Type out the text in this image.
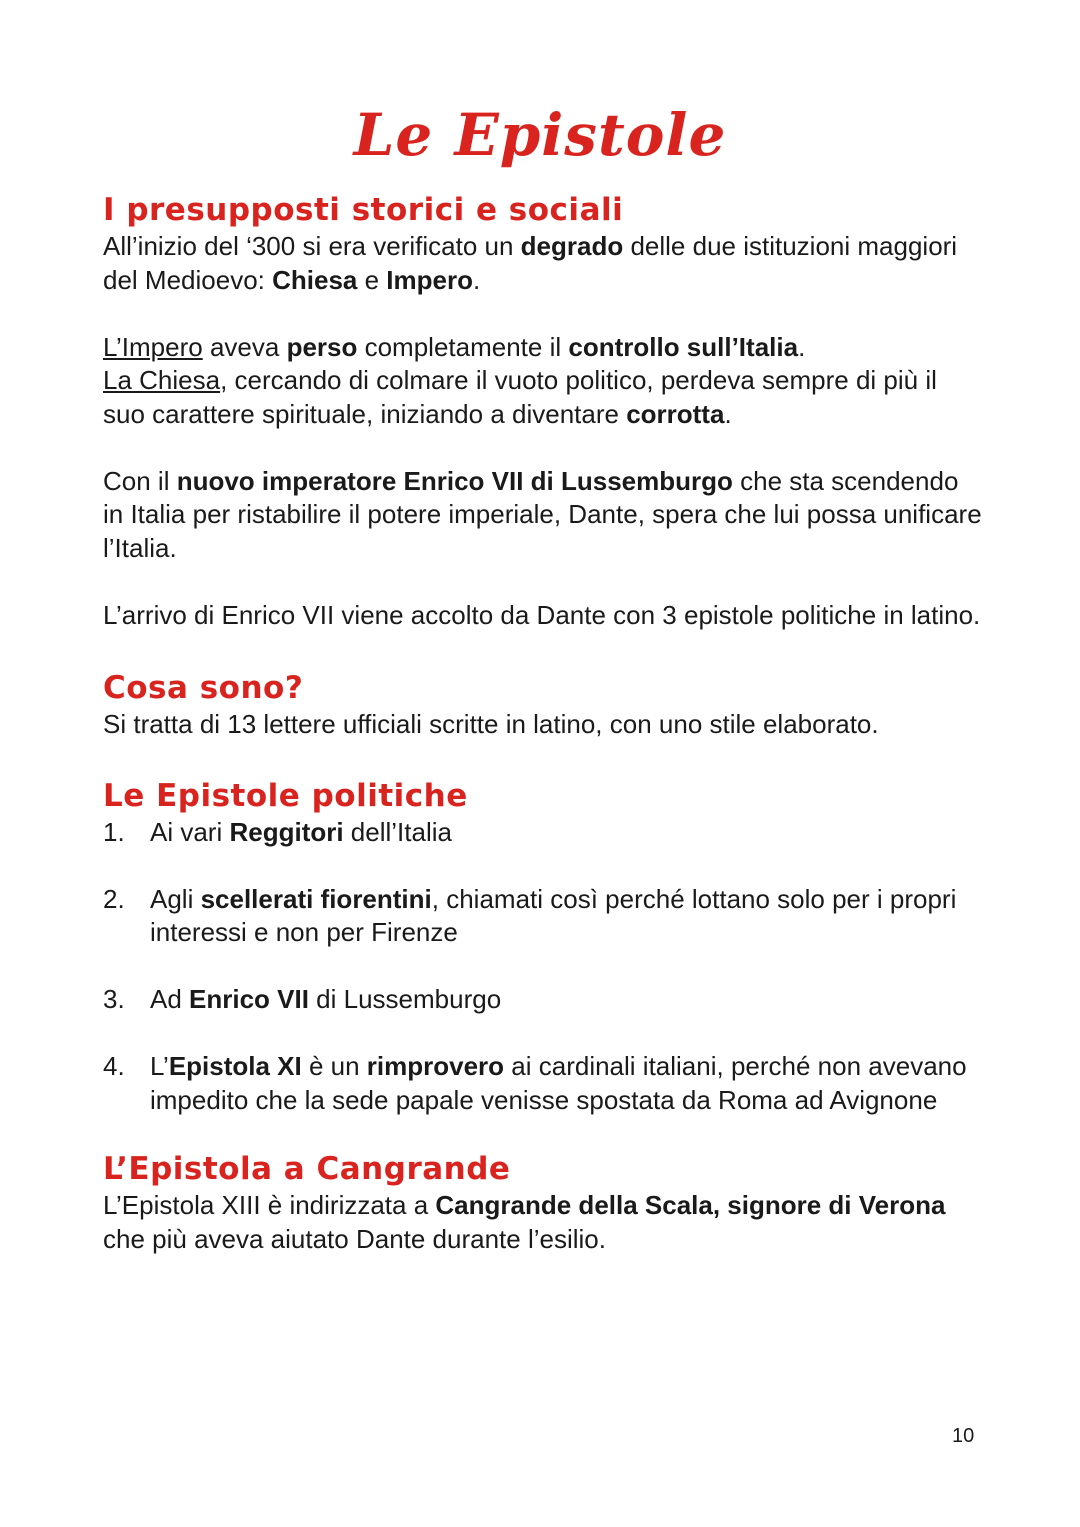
Le Epistole
I presupposti storici e sociali

All’inizio del ‘300 si era verificato un degrado delle due istituzioni maggiori del Medioevo: Chiesa e Impero.

L’Impero aveva perso completamente il controllo sull’Italia.
La Chiesa, cercando di colmare il vuoto politico, perdeva sempre di più il suo carattere spirituale, iniziando a diventare corrotta.

Con il nuovo imperatore Enrico VII di Lussemburgo che sta scendendo in Italia per ristabilire il potere imperiale, Dante, spera che lui possa unificare l’Italia.

L’arrivo di Enrico VII viene accolto da Dante con 3 epistole politiche in latino.

Cosa sono?

Si tratta di 13 lettere ufficiali scritte in latino, con uno stile elaborato.

Le Epistole politiche
1. Ai vari Reggitori dell’Italia
2. Agli scellerati fiorentini, chiamati così perché lottano solo per i propri interessi e non per Firenze
3. Ad Enrico VII di Lussemburgo
4. L’Epistola XI è un rimprovero ai cardinali italiani, perché non avevano impedito che la sede papale venisse spostata da Roma ad Avignone
L’Epistola a Cangrande

L’Epistola XIII è indirizzata a Cangrande della Scala, signore di Verona che più aveva aiutato Dante durante l’esilio.

10
